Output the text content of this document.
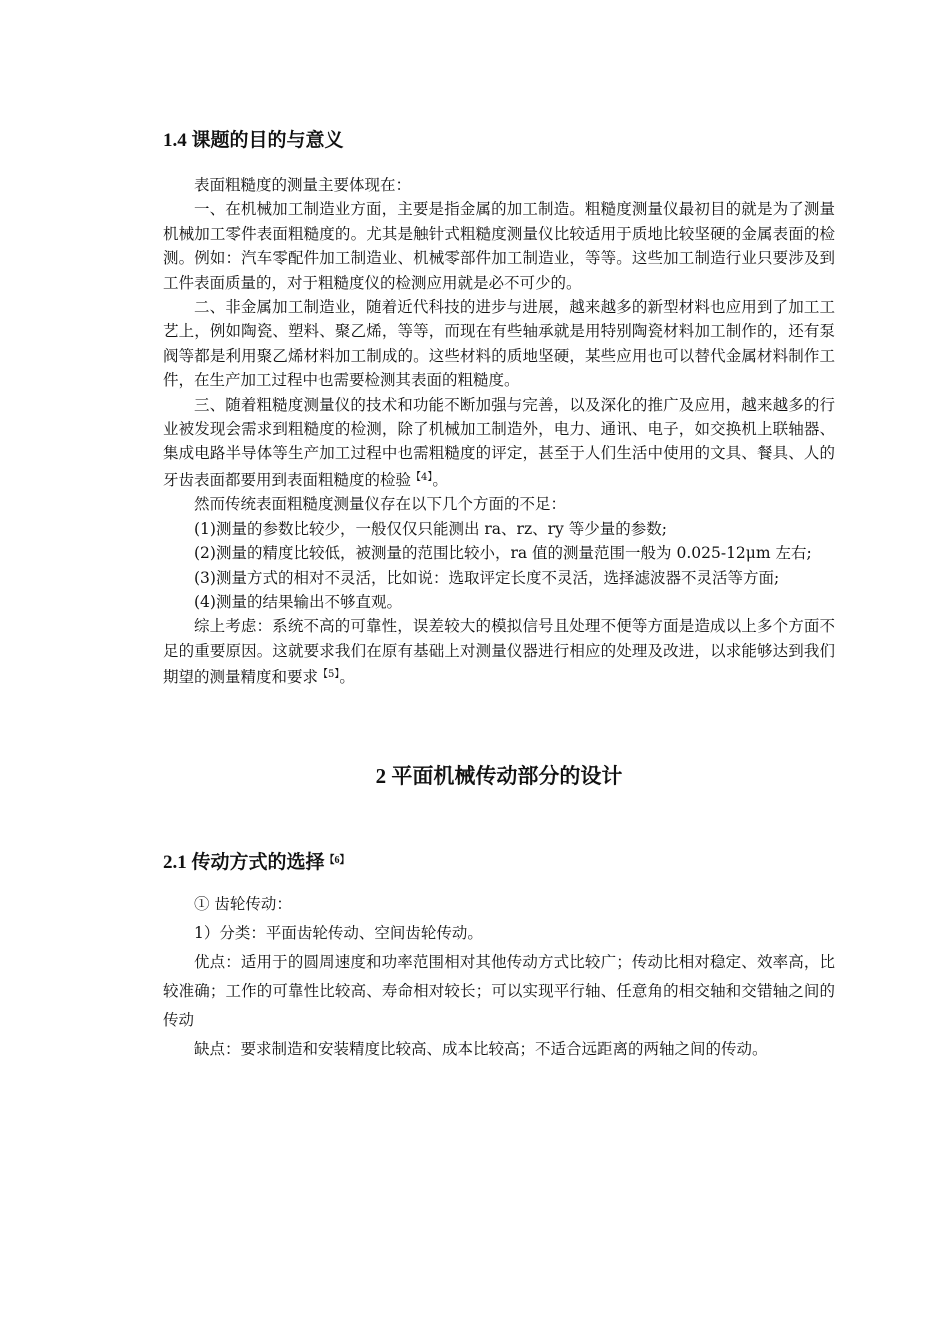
1.4 课题的目的与意义

表面粗糙度的测量主要体现在：

一、在机械加工制造业方面，主要是指金属的加工制造。粗糙度测量仪最初目的就是为了测量机械加工零件表面粗糙度的。尤其是触针式粗糙度测量仪比较适用于质地比较坚硬的金属表面的检测。例如：汽车零配件加工制造业、机械零部件加工制造业，等等。这些加工制造行业只要涉及到工件表面质量的，对于粗糙度仪的检测应用就是必不可少的。

二、非金属加工制造业，随着近代科技的进步与进展，越来越多的新型材料也应用到了加工工艺上，例如陶瓷、塑料、聚乙烯，等等，而现在有些轴承就是用特别陶瓷材料加工制作的，还有泵阀等都是利用聚乙烯材料加工制成的。这些材料的质地坚硬，某些应用也可以替代金属材料制作工件，在生产加工过程中也需要检测其表面的粗糙度。

三、随着粗糙度测量仪的技术和功能不断加强与完善，以及深化的推广及应用，越来越多的行业被发现会需求到粗糙度的检测，除了机械加工制造外，电力、通讯、电子，如交换机上联轴器、集成电路半导体等生产加工过程中也需粗糙度的评定，甚至于人们生活中使用的文具、餐具、人的牙齿表面都要用到表面粗糙度的检验$^{【4】}$。

然而传统表面粗糙度测量仪存在以下几个方面的不足：

(1)测量的参数比较少，一般仅仅只能测出 ra、rz、ry 等少量的参数;

(2)测量的精度比较低，被测量的范围比较小，ra 值的测量范围一般为 0.025-12μm 左右;

(3)测量方式的相对不灵活，比如说：选取评定长度不灵活，选择滤波器不灵活等方面;

(4)测量的结果输出不够直观。

综上考虑：系统不高的可靠性，误差较大的模拟信号且处理不便等方面是造成以上多个方面不足的重要原因。这就要求我们在原有基础上对测量仪器进行相应的处理及改进，以求能够达到我们期望的测量精度和要求$^{【5】}$。

2 平面机械传动部分的设计
2.1 传动方式的选择$^{【6】}$

① 齿轮传动：

1）分类：平面齿轮传动、空间齿轮传动。

优点：适用于的圆周速度和功率范围相对其他传动方式比较广；传动比相对稳定、效率高，比较准确；工作的可靠性比较高、寿命相对较长；可以实现平行轴、任意角的相交轴和交错轴之间的传动

缺点：要求制造和安装精度比较高、成本比较高；不适合远距离的两轴之间的传动。
